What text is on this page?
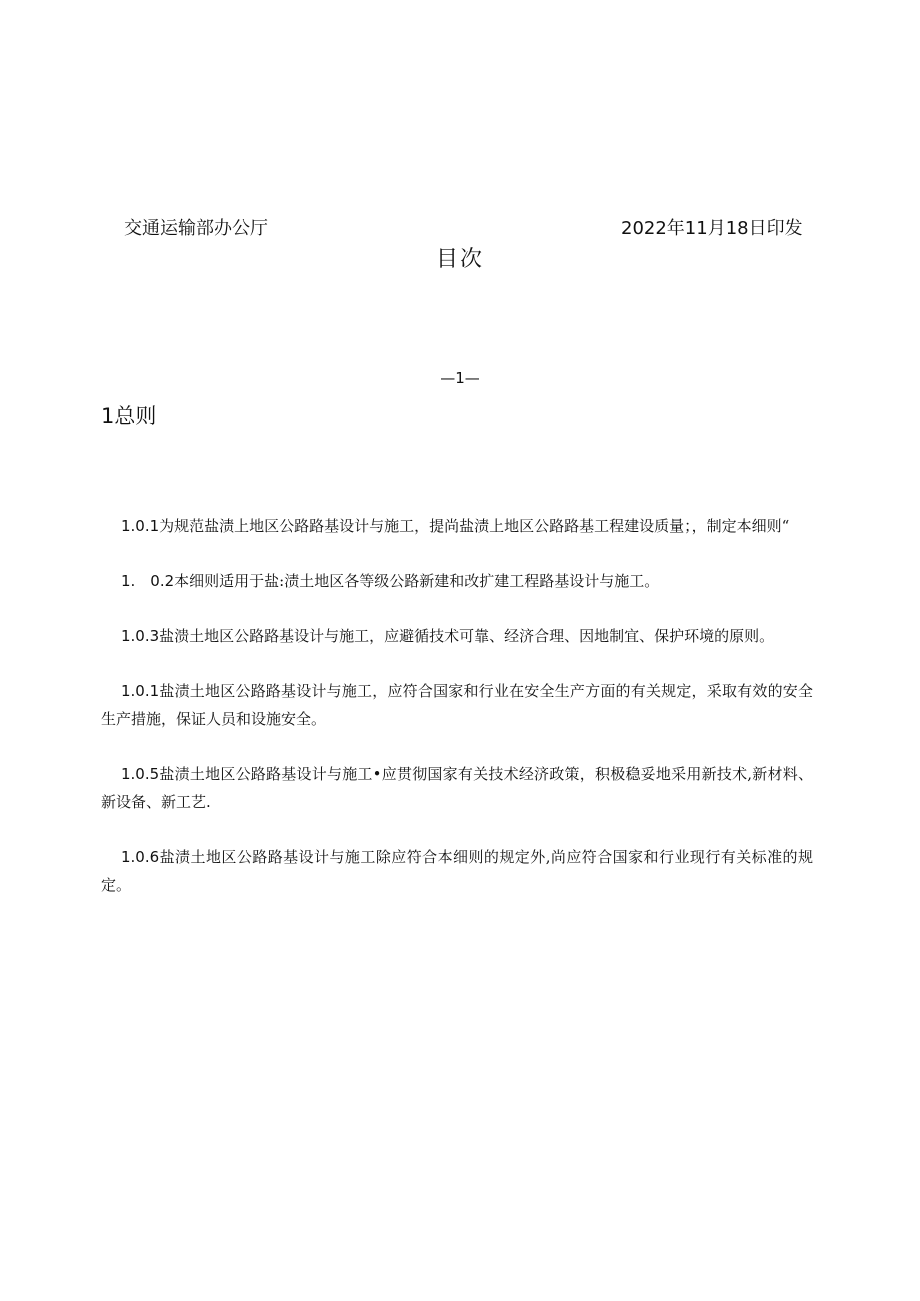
交通运输部办公厅	2022年11月18日印发
目次
—1—
1总则

1.0.1为规范盐渍上地区公路路基设计与施工，提尚盐渍上地区公路路基工程建设质量；，制定本细则“

1.　0.2本细则适用于盐:渍土地区各等级公路新建和改扩建工程路基设计与施工。

1.0.3盐溃土地区公路路基设计与施工，应避循技术可靠、经济合理、因地制宜、保护环境的原则。

1.0.1盐渍土地区公路路基设计与施工，应符合国家和行业在安全生产方面的有关规定，采取有效的安全生产措施，保证人员和设施安全。

1.0.5盐渍土地区公路路基设计与施工•应贯彻国家有关技术经济政策，积极稳妥地采用新技术,新材料、新设备、新工艺.

1.0.6盐渍土地区公路路基设计与施工除应符合本细则的规定外,尚应符合国家和行业现行有关标准的规定。
